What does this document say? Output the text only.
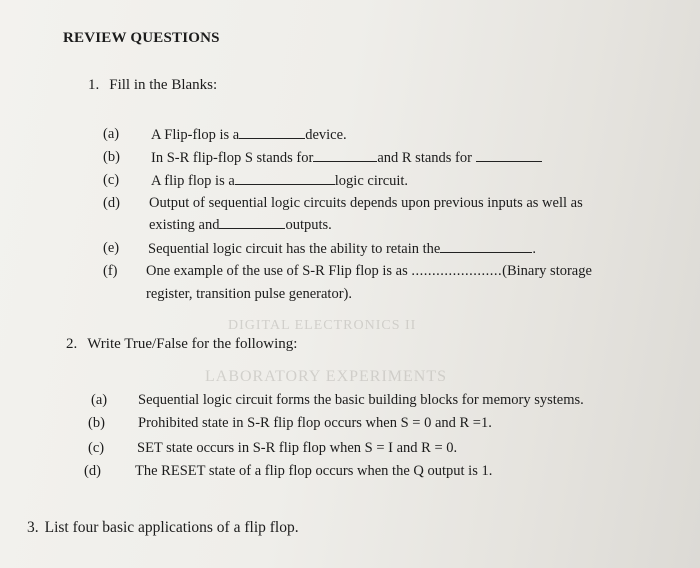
DIGITAL ELECTRONICS II
LABORATORY EXPERIMENTS
REVIEW QUESTIONS
1. Fill in the Blanks:
(a) A Flip-flop is a	device.
(b) In S-R flip-flop S stands for	and R stands for
(c) A flip flop is a	logic circuit.
(d) Output of sequential logic circuits depends upon previous inputs as well as
existing and	outputs.
(e) Sequential logic circuit has the ability to retain the	.
(f) One example of the use of S-R Flip flop is as ......................(Binary storage
register, transition pulse generator).
2. Write True/False for the following:
(a) Sequential logic circuit forms the basic building blocks for memory systems.
(b) Prohibited state in S-R flip flop occurs when S = 0 and R =1.
(c) SET state occurs in S-R flip flop when S = I and R = 0.
(d) The RESET state of a flip flop occurs when the Q output is 1.
3. List four basic applications of a flip flop.
